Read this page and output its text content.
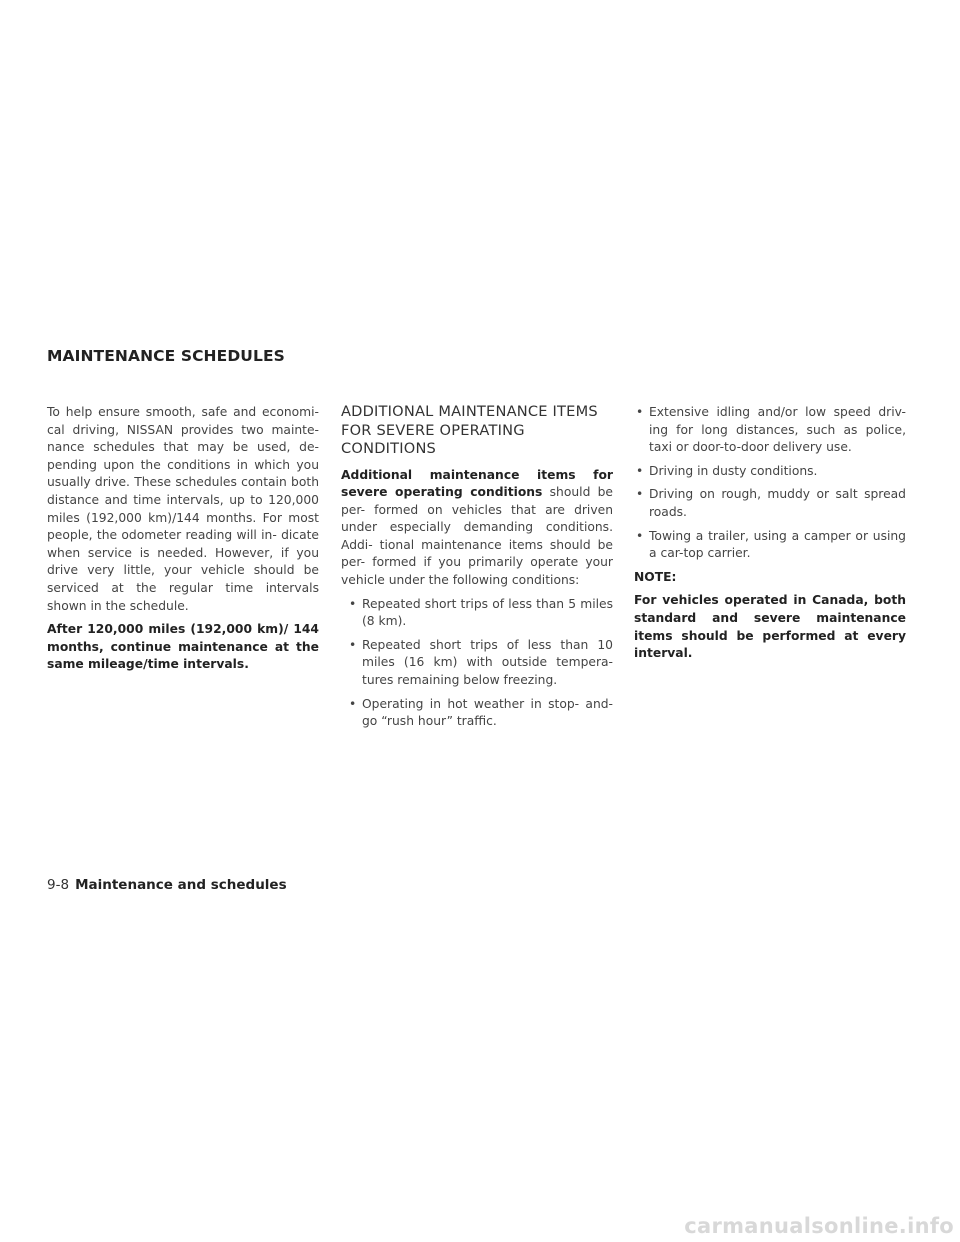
MAINTENANCE SCHEDULES

To help ensure smooth, safe and economi- cal driving, NISSAN provides two mainte- nance schedules that may be used, de- pending upon the conditions in which you usually drive. These schedules contain both distance and time intervals, up to 120,000 miles (192,000 km)/144 months. For most people, the odometer reading will in- dicate when service is needed. However, if you drive very little, your vehicle should be serviced at the regular time intervals shown in the schedule.

After 120,000 miles (192,000 km)/ 144 months, continue maintenance at the same mileage/time intervals.

ADDITIONAL MAINTENANCE ITEMS FOR SEVERE OPERATING CONDITIONS

Additional maintenance items for severe operating conditions should be per- formed on vehicles that are driven under especially demanding conditions. Addi- tional maintenance items should be per- formed if you primarily operate your vehicle under the following conditions:

• Repeated short trips of less than 5 miles (8 km).
• Repeated short trips of less than 10 miles (16 km) with outside tempera- tures remaining below freezing.
• Operating in hot weather in stop- and-go “rush hour” traffic.
• Extensive idling and/or low speed driv- ing for long distances, such as police, taxi or door-to-door delivery use.
• Driving in dusty conditions.
• Driving on rough, muddy or salt spread roads.
• Towing a trailer, using a camper or using a car-top carrier.

NOTE:

For vehicles operated in Canada, both standard and severe maintenance items should be performed at every interval.

9-8 Maintenance and schedules
carmanualsonline.info
